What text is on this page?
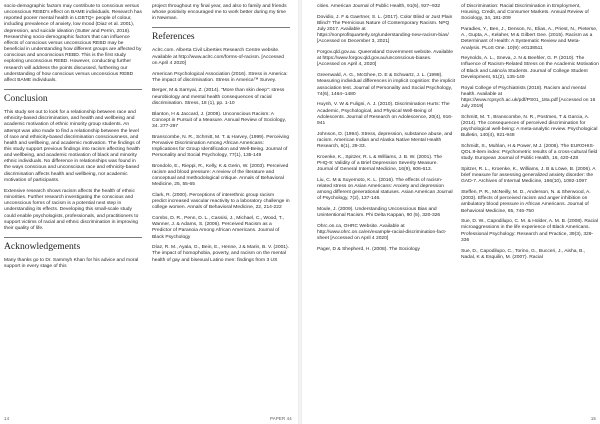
socio-demographic factors may contribute to conscious versus unconscious REBD’s effect on BAME individuals. Research has reported poorer mental health in LGBTQ+ people of colour, including prevalence of anxiety, low mood (Diaz et al. 2001), depression, and suicide ideation (Sutter and Perrin, 2016). Researching socio-demographic factors that can influence effects of conscious versus unconscious REBD may be beneficial in understanding how different groups are affected by conscious and unconscious REBD. This is the first study exploring unconscious REBD. However, conducting further research will address the points discussed, furthering our understanding of how conscious versus unconscious REBD affect BAME individuals.

Conclusion

This study set out to look for a relationship between race and ethnicity-based discrimination, and health and wellbeing and academic motivation of ethnic minority group students. An attempt was also made to find a relationship between the level of race and ethnicity-based discrimination consciousness, and health and wellbeing, and academic motivation. The findings of this study support previous findings into racism affecting health and wellbeing, and academic motivation of black and minority ethnic individuals. No difference in relationships was found in the ways conscious and unconscious race and ethnicity-based discrimination affects health and wellbeing, nor academic motivation of participants.

Extensive research shows racism affects the health of ethnic minorities. Further research investigating the conscious and unconscious forms of racism is a potential next step in understanding its effects. Developing this small-scale study could enable psychologists, professionals, and practitioners to support victims of racial and ethnic discrimination in improving their quality of life.

Acknowledgements

Many thanks go to Dr. Sammyh Khan for his advice and moral support in every stage of this

project throughout my final year, and also to family and friends whose positivity encouraged me to work better during my time in Newman.

References

Aclrc.com. Alberta Civil Liberties Research Centre website. Available at http://www.aclrc.com/forms-of-racism. [Accessed on April 4 2020]

American Psychological Association (2016). Stress in America: The impact of discrimination. Stress in America™ Survey.

Berger, M & Sarnyai, Z. (2014). “More than skin deep”: stress neurobiology and mental health consequences of racial discrimination. Stress, 18 (1), pp. 1-10

Blanton, H & Jaccard, J. (2008). Unconscious Racism: A Concept in Pursuit of a Measure. Annual Review of Sociology, 34. 277-297

Branscombe, N. R., Schmitt, M. T. & Harvey, (1999). Perceiving Pervasive Discrimination Among African Americans: Implications for Group Identification and Well-Being. Journal of Personality and Social Psychology, 77(1), 135-149

Brondolo, E., Rieppi, R., Kelly, K & Gerin, W. (2003). Perceived racism and blood pressure: A review of the literature and conceptual and methodological critique. Annals of Behavioral Medicine, 25, 55-65

Clark, R. (2000). Perceptions of interethnic group racism predict increased vascular reactivity to a laboratory challenge in college women. Annals of Behavioral Medicine, 22, 214-222

Combs, D. R., Penn, D. L., Cassisi, J., Michael, C., Wood, T., Wanner, J. & Adams, S. (2006). Perceived Racism as a Predictor of Paranoia Among African Americans. Journal of Black Psychology

Díaz, R. M., Ayala, G., Bein, E., Henne, J & Marin, B. V. (2001). The impact of homophobia, poverty, and racism on the mental health of gay and bisexual Latino men: findings from 3 US

14	PAPER 44

cities. American Journal of Public Health, 91(6), 927–932

Dovidio, J. F & Gaertner, S. L. (2017). Color Blind or Just Plain Blind? The Pernicious Nature of Contemporary Racism. NPQ July 2017. Available at https://nonprofitquarterly.org/understanding-new-racism-bias/ [Accessed on December 3, 2021]

Forgov.qld.gov.au. Queensland Government website. Available at https://www.forgov.qld.gov.au/unconscious-biases. [Accessed on April 4, 2020]

Greenwald, A. G., McGhee, D. E & Schwartz, J. L. (1998). Measuring individual differences in implicit cognition: the implicit association test. Journal of Personality and Social Psychology, 74(6), 1464–1480

Huynh, V. W & Fuligni, A. J. (2010). Discrimination Hurts: The Academic, Psychological, and Physical Well-Being of Adolescents. Journal of Research on Adolescence, 20(4), 916-941

Johnson, D. (1994). Stress, depression, substance abuse, and racism. American Indian and Alaska Native Mental Health Research, 6(1), 29-33.

Kroenke, K., Spitzer, R. L & Williams, J. B. W. (2001). The PHQ-9: Validity of a Brief Depression Severity Measure. Journal of General Internal Medicine, 16(9), 606-613.

Liu, C. M & Suyemoto, K. L. (2016). The effects of racism-related stress on Asian Americans: Anxiety and depression among different generational statuses. Asian American Journal of Psychology, 7(2), 137-146.

Moule, J. (2009). Understanding Unconscious Bias and Unintentional Racism. Phi Delta Kappan, 90 (5), 320-326

Ohrc.on.ca, OHRC Website. Available at http://www.ohrc.on.ca/en/example-racial-discrimination-fact-sheet [Accessed on April 4 2020]

Pager, D & Shepherd, H. (2008). The Sociology

of Discrimination: Racial Discrimination in Employment, Housing, Credit, and Consumer Markets. Annual Review of Sociology, 34, 181-209

Paradies, Y., Ben, J., Denson, N., Elias, A., Priest, N., Pieterse, A., Gupta, A., Kelaher, M & Gilbert Gee. (2015). Racism as a Determinant of Health: A Systematic Review and Meta-Analysis. PLoS One. 10(9): e0138511

Reynolds, A. L., Sneva, J. N & Beehler, G. P. (2010). The Influence of Racism-Related Stress on the Academic Motivation of Black and Latino/a Students. Journal of College Student Development, 51(2), 135-149

Royal College of Psychiatrists (2018). Racism and mental health. Available at https://www.rcpsych.ac.uk/pdf/PS01_18a.pdf [Accessed on 16 July 2019]

Schmitt, M. T., Branscombe, N. R., Postmes, T & Garcia, A. (2014). The consequences of perceived discrimination for psychological well-being: A meta-analytic review. Psychological Bulletin, 140(4), 921-948

Schmidt, S., Muhlan, H & Power, M.J. (2006). The EUROHIS-QOL 8-item index: Psychometric results of a cross-cultural field study. European Journal of Public Health, 16, 420-428

Spitzer, R. L., Kroenke, K., Williams, J. B & Löwe, B. (2006). A brief measure for assessing generalized anxiety disorder: the GAD-7. Archives of Internal Medicine, 166(10), 1092-1097

Steffen, P. R., McNeilly, M. D., Anderson, N. & Sherwood, A. (2003). Effects of perceived racism and anger inhibition on ambulatory blood pressure in African Americans. Journal of Behavioral Medicine, 65, 746-750

Sue, D. W., Capodilupo, C. M. & Holder, A. M. B. (2008). Racial microaggressions in the life experience of Black Americans. Professional Psychology: Research and Practice, 39(3), 329-336

Sue, D., Capodilupo, C., Torino, G., Bucceri, J., Aisha, B., Nadal, K & Esquilin, M. (2007). Racial

15
